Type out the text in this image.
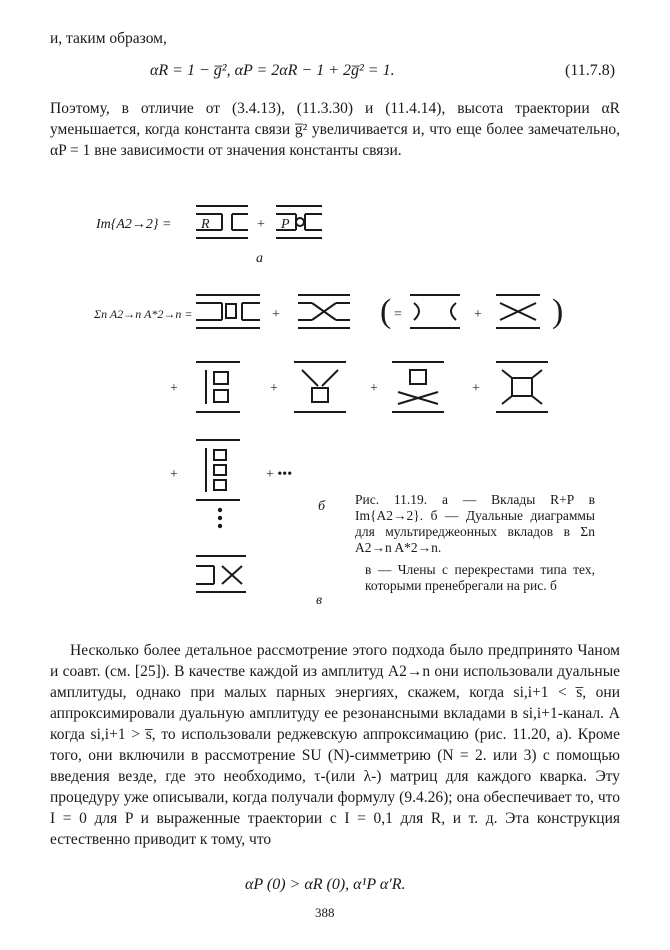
и, таким образом,

αR = 1 − g̅², αP = 2αR − 1 + 2g̅² = 1.	(11.7.8)

Поэтому, в отличие от (3.4.13), (11.3.30) и (11.4.14), высота траектории αR уменьшается, когда константа связи g̅² увеличивается и, что еще более замечательно, αP = 1 вне зависимости от значения константы связи.

Im{A2→2} = R	+ P
а
Σn A2→n A*2→n =	+	( =	+ )
+	+	+	+
+	+ •••
б
в

Рис. 11.19. а — Вклады R+P в Im{A2→2}. б — Дуальные диаграммы для мультиреджеонных вкладов в Σn A2→n A*2→n.

в — Члены с перекрестами типа тех, которыми пренебрегали на рис. б

Несколько более детальное рассмотрение этого подхода было предпринято Чаном и соавт. (см. [25]). В качестве каждой из амплитуд A2→n они использовали дуальные амплитуды, однако при малых парных энергиях, скажем, когда si,i+1 < s̅, они аппроксимировали дуальную амплитуду ее резонансными вкладами в si,i+1-канал. А когда si,i+1 > s̅, то использовали реджевскую аппроксимацию (рис. 11.20, а). Кроме того, они включили в рассмотрение SU (N)-симметрию (N = 2. или 3) с помощью введения везде, где это необходимо, τ-(или λ-) матриц для каждого кварка. Эту процедуру уже описывали, когда получали формулу (9.4.26); она обеспечивает то, что I = 0 для P и выраженные траектории с I = 0,1 для R, и т. д. Эта конструкция естественно приводит к тому, что

αP (0) > αR (0), α¹P α′R.
388
